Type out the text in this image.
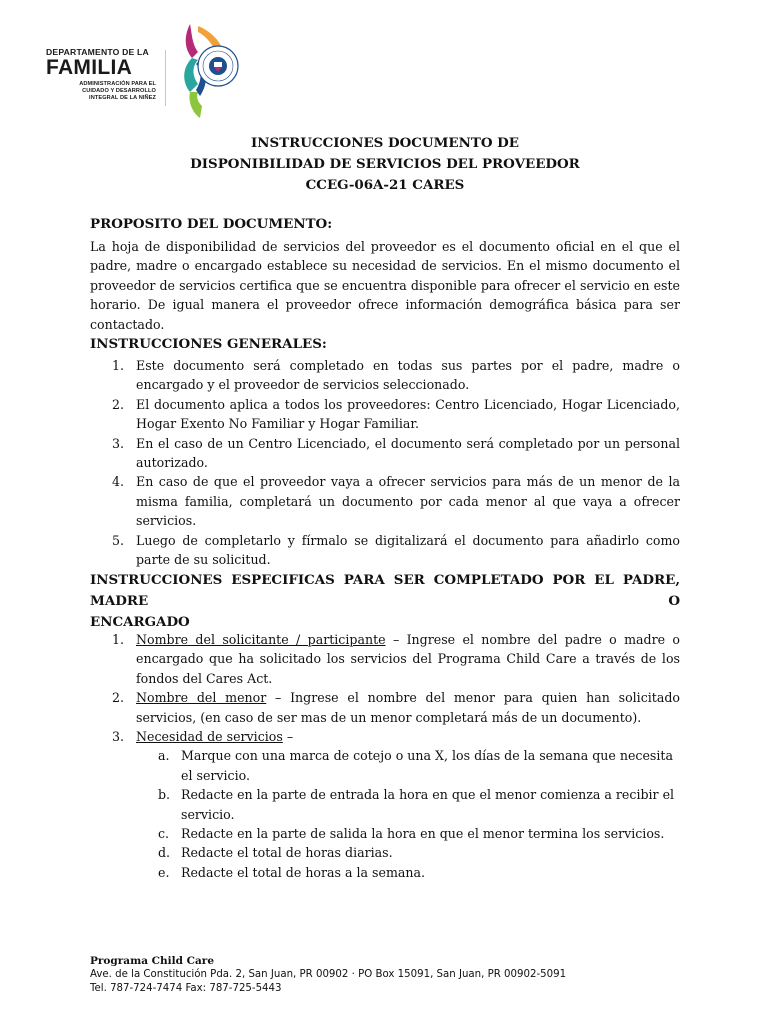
DEPARTAMENTO DE LA
FAMILIA
ADMINISTRACIÓN PARA EL
CUIDADO Y DESARROLLO
INTEGRAL DE LA NIÑEZ
INSTRUCCIONES DOCUMENTO DE
DISPONIBILIDAD DE SERVICIOS DEL PROVEEDOR
CCEG-06A-21 CARES
PROPOSITO DEL DOCUMENTO:
La hoja de disponibilidad de servicios del proveedor es el documento oficial en el que el padre, madre o encargado establece su necesidad de servicios. En el mismo documento el proveedor de servicios certifica que se encuentra disponible para ofrecer el servicio en este horario. De igual manera el proveedor ofrece información demográfica básica para ser contactado.
INSTRUCCIONES GENERALES:
1. Este documento será completado en todas sus partes por el padre, madre o encargado y el proveedor de servicios seleccionado.
2. El documento aplica a todos los proveedores: Centro Licenciado, Hogar Licenciado, Hogar Exento No Familiar y Hogar Familiar.
3. En el caso de un Centro Licenciado, el documento será completado por un personal autorizado.
4. En caso de que el proveedor vaya a ofrecer servicios para más de un menor de la misma familia, completará un documento por cada menor al que vaya a ofrecer servicios.
5. Luego de completarlo y fírmalo se digitalizará el documento para añadirlo como parte de su solicitud.
INSTRUCCIONES ESPECIFICAS PARA SER COMPLETADO POR EL PADRE, MADRE O
ENCARGADO
1. Nombre del solicitante / participante – Ingrese el nombre del padre o madre o encargado que ha solicitado los servicios del Programa Child Care a través de los fondos del Cares Act.
2. Nombre del menor – Ingrese el nombre del menor para quien han solicitado servicios, (en caso de ser mas de un menor completará más de un documento).
3. Necesidad de servicios –
a. Marque con una marca de cotejo o una X, los días de la semana que necesita el servicio.
b. Redacte en la parte de entrada la hora en que el menor comienza a recibir el servicio.
c. Redacte en la parte de salida la hora en que el menor termina los servicios.
d. Redacte el total de horas diarias.
e. Redacte el total de horas a la semana.
Programa Child Care
Ave. de la Constitución Pda. 2, San Juan, PR 00902 · PO Box 15091, San Juan, PR 00902-5091
Tel. 787-724-7474 Fax: 787-725-5443
